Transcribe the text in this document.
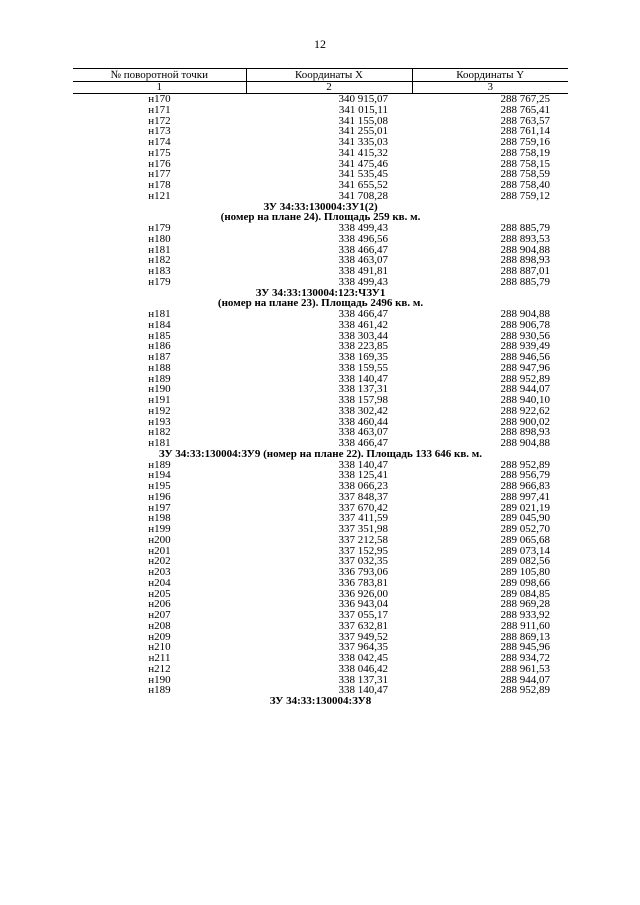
12
№ поворотной точки	Координаты X	Координаты Y
1	2	3
н170	340 915,07	288 767,25
н171	341 015,11	288 765,41
н172	341 155,08	288 763,57
н173	341 255,01	288 761,14
н174	341 335,03	288 759,16
н175	341 415,32	288 758,19
н176	341 475,46	288 758,15
н177	341 535,45	288 758,59
н178	341 655,52	288 758,40
н121	341 708,28	288 759,12
ЗУ 34:33:130004:ЗУ1(2)		
(номер на плане 24). Площадь 259 кв. м.		
н179	338 499,43	288 885,79
н180	338 496,56	288 893,53
н181	338 466,47	288 904,88
н182	338 463,07	288 898,93
н183	338 491,81	288 887,01
н179	338 499,43	288 885,79
ЗУ 34:33:130004:123:ЧЗУ1		
(номер на плане 23). Площадь 2496 кв. м.		
н181	338 466,47	288 904,88
н184	338 461,42	288 906,78
н185	338 303,44	288 930,56
н186	338 223,85	288 939,49
н187	338 169,35	288 946,56
н188	338 159,55	288 947,96
н189	338 140,47	288 952,89
н190	338 137,31	288 944,07
н191	338 157,98	288 940,10
н192	338 302,42	288 922,62
н193	338 460,44	288 900,02
н182	338 463,07	288 898,93
н181	338 466,47	288 904,88
ЗУ 34:33:130004:ЗУ9 (номер на плане 22). Площадь 133 646 кв. м.		
н189	338 140,47	288 952,89
н194	338 125,41	288 956,79
н195	338 066,23	288 966,83
н196	337 848,37	288 997,41
н197	337 670,42	289 021,19
н198	337 411,59	289 045,90
н199	337 351,98	289 052,70
н200	337 212,58	289 065,68
н201	337 152,95	289 073,14
н202	337 032,35	289 082,56
н203	336 793,06	289 105,80
н204	336 783,81	289 098,66
н205	336 926,00	289 084,85
н206	336 943,04	288 969,28
н207	337 055,17	288 933,92
н208	337 632,81	288 911,60
н209	337 949,52	288 869,13
н210	337 964,35	288 945,96
н211	338 042,45	288 934,72
н212	338 046,42	288 961,53
н190	338 137,31	288 944,07
н189	338 140,47	288 952,89
ЗУ 34:33:130004:ЗУ8		
